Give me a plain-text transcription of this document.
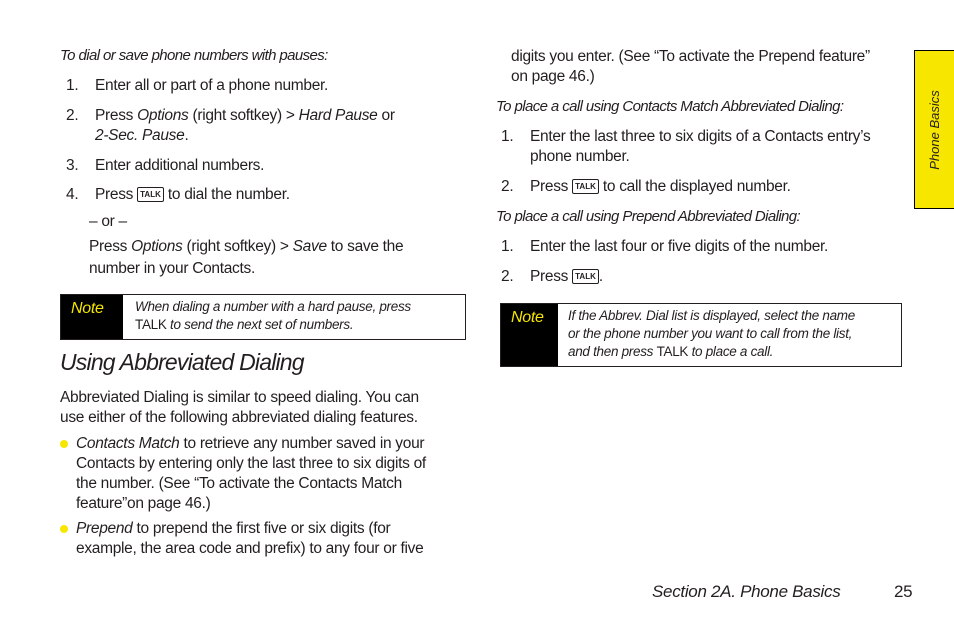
To dial or save phone numbers with pauses:
1. Enter all or part of a phone number.
2. Press Options (right softkey) > Hard Pause or
2-Sec. Pause.
3. Enter additional numbers.
4. Press TALK to dial the number.
– or –
Press Options (right softkey) > Save to save the
number in your Contacts.
Note	When dialing a number with a hard pause, press
TALK to send the next set of numbers.
Using Abbreviated Dialing
Abbreviated Dialing is similar to speed dialing. You can
use either of the following abbreviated dialing features.
Contacts Match to retrieve any number saved in your
Contacts by entering only the last three to six digits of
the number. (See “To activate the Contacts Match
feature”on page 46.)
Prepend to prepend the first five or six digits (for
example, the area code and prefix) to any four or five
digits you enter. (See “To activate the Prepend feature”
on page 46.)
To place a call using Contacts Match Abbreviated Dialing:
1. Enter the last three to six digits of a Contacts entry’s
phone number.
2. Press TALK to call the displayed number.
To place a call using Prepend Abbreviated Dialing:
1. Enter the last four or five digits of the number.
2. Press TALK .
Note	If the Abbrev. Dial list is displayed, select the name
or the phone number you want to call from the list,
and then press TALK to place a call.
Phone Basics
Section 2A. Phone Basics	25
